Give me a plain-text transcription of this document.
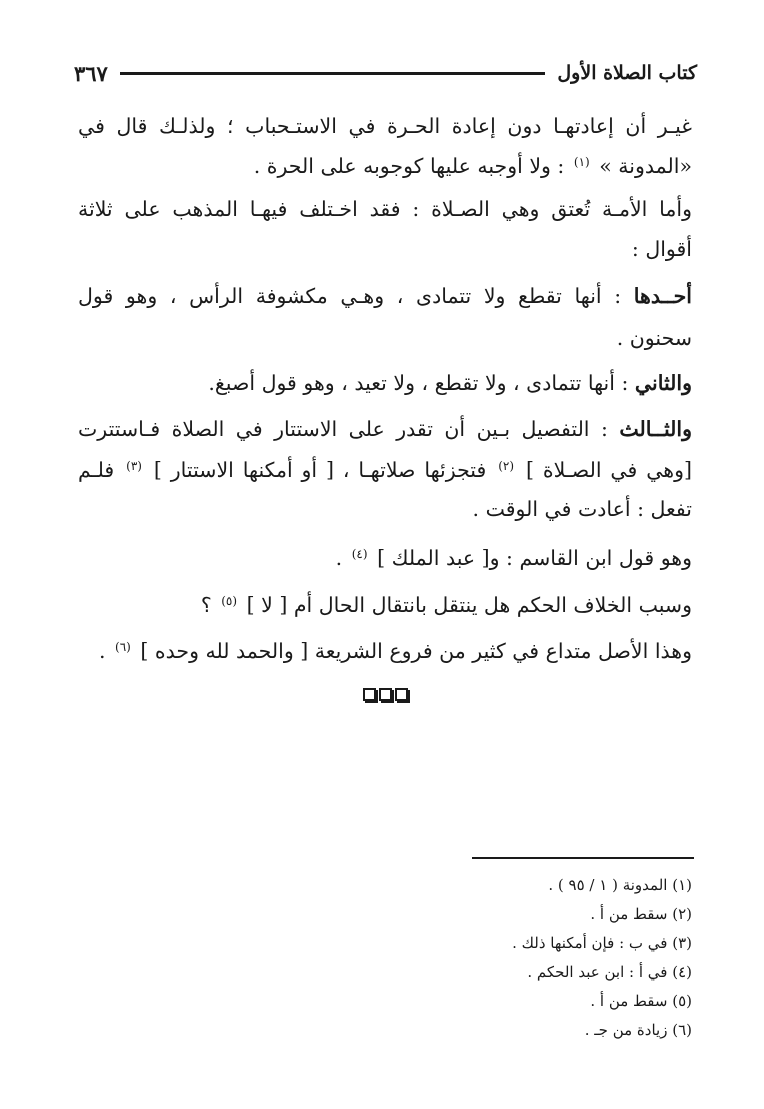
٣٦٧	كتاب الصلاة الأول
غيـر أن إعادتهـا دون إعادة الحـرة في الاستـحباب ؛ ولذلـك قال في
«المدونة » $^{(١)}$ : ولا أوجبه عليها كوجوبه على الحرة .
وأما الأمـة تُعتق وهي الصـلاة : فقد اخـتلف فيهـا المذهب على ثلاثة
أقوال :
أحــدها : أنها تقطع ولا تتمادى ، وهـي مكشوفة الرأس ، وهو قول
سحنون .
والثاني : أنها تتمادى ، ولا تقطع ، ولا تعيد ، وهو قول أصبغ.
والثــالث : التفصيل بـين أن تقدر على الاستتار في الصلاة فـاستترت
[وهي في الصـلاة ] $^{(٢)}$ فتجزئها صلاتهـا ، [ أو أمكنها الاستتار ] $^{(٣)}$ فلـم
تفعل : أعادت في الوقت .
وهو قول ابن القاسم : و[ عبد الملك ] $^{(٤)}$ .
وسبب الخلاف الحكم هل ينتقل بانتقال الحال أم [ لا ] $^{(٥)}$ ؟
وهذا الأصل متداع في كثير من فروع الشريعة [ والحمد لله وحده ] $^{(٦)}$ .
(١) المدونة ( ١ / ٩٥ ) .
(٢) سقط من أ .
(٣) في ب : فإن أمكنها ذلك .
(٤) في أ : ابن عبد الحكم .
(٥) سقط من أ .
(٦) زيادة من جـ .
